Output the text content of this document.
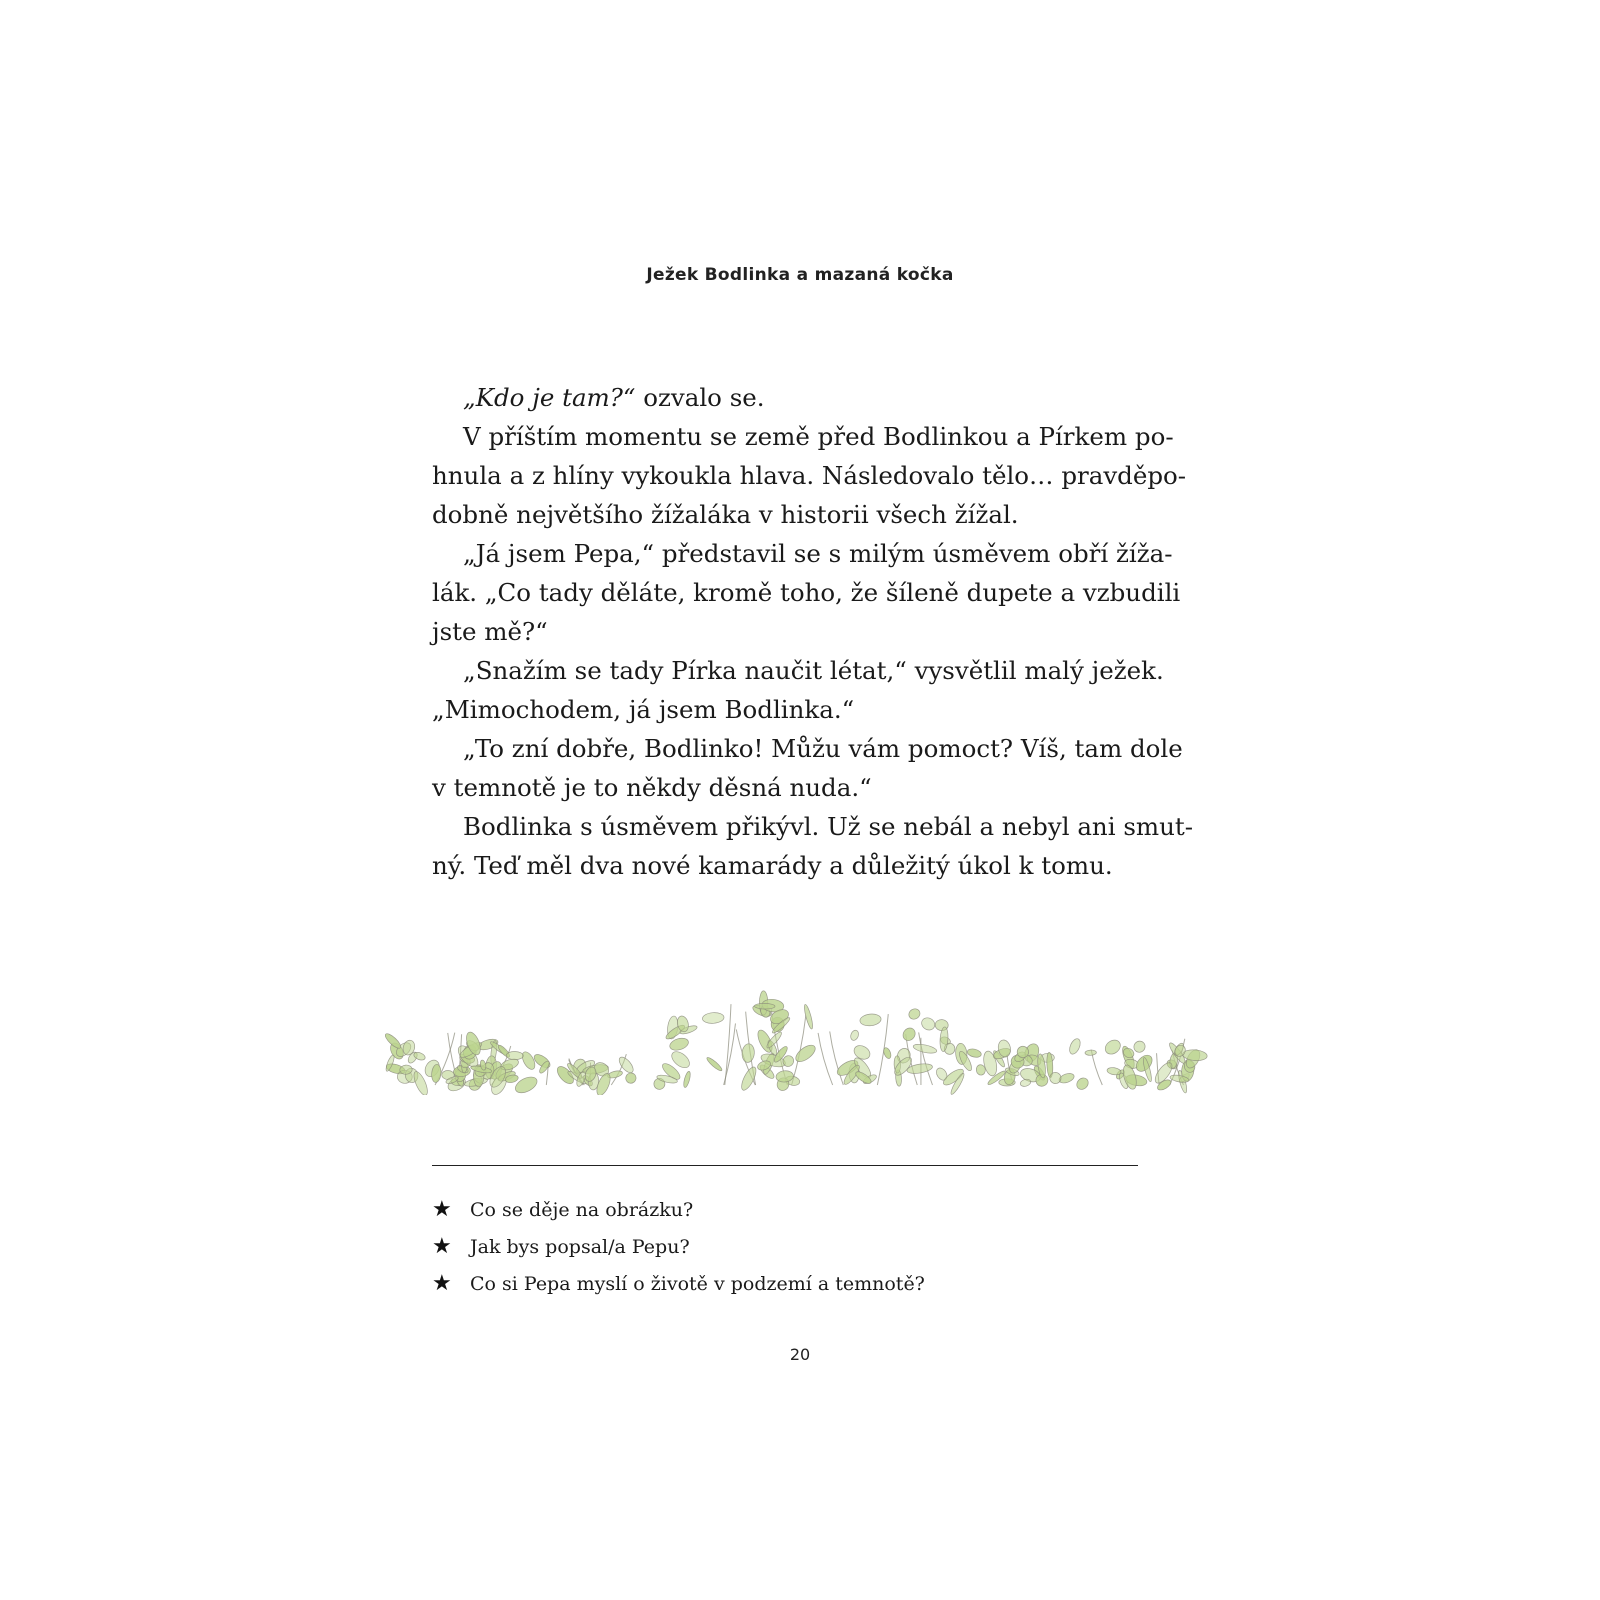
Ježek Bodlinka a mazaná kočka
„Kdo je tam?“ ozvalo se.
V příštím momentu se země před Bodlinkou a Pírkem po-
hnula a z hlíny vykoukla hlava. Následovalo tělo… pravděpo-
dobně největšího žížaláka v historii všech žížal.
„Já jsem Pepa,“ představil se s milým úsměvem obří žíža-
lák. „Co tady děláte, kromě toho, že šíleně dupete a vzbudili
jste mě?“
„Snažím se tady Pírka naučit létat,“ vysvětlil malý ježek.
„Mimochodem, já jsem Bodlinka.“
„To zní dobře, Bodlinko! Můžu vám pomoct? Víš, tam dole
v temnotě je to někdy děsná nuda.“
Bodlinka s úsměvem přikývl. Už se nebál a nebyl ani smut-
ný. Teď měl dva nové kamarády a důležitý úkol k tomu.
★ Co se děje na obrázku?
★ Jak bys popsal/a Pepu?
★ Co si Pepa myslí o životě v podzemí a temnotě?
20
